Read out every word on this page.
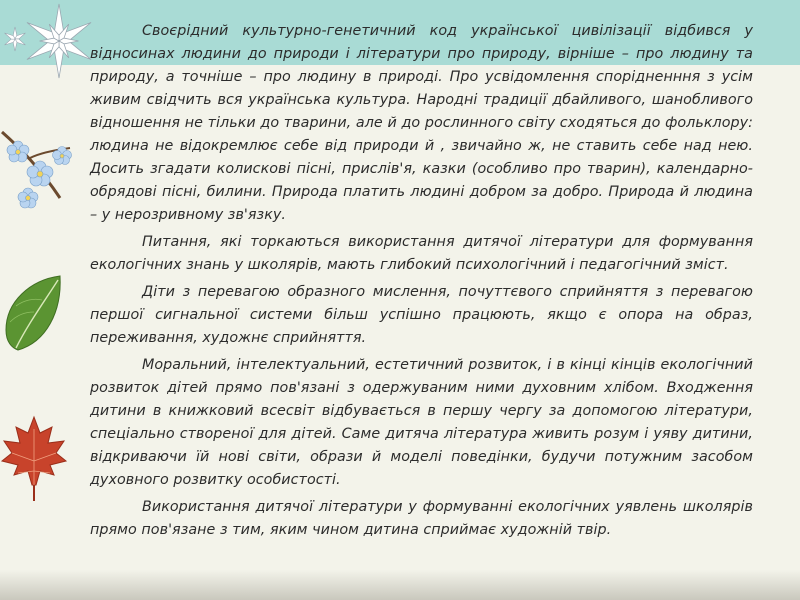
Своєрідний культурно-генетичний код української цивілізації відбився у відносинах людини до природи і літератури про природу, вірніше – про людину та природу, а точніше – про людину в природі. Про усвідомлення спорідненння з усім живим свідчить вся українська культура. Народні традиції дбайливого, шанобливого відношення не тільки до тварини, але й до рослинного світу сходяться до фольклору: людина не відокремлює себе від природи й , звичайно ж, не ставить себе над нею. Досить згадати колискові пісні, прислів'я, казки (особливо про тварин), календарно-обрядові пісні, билини. Природа платить людині добром за добро. Природа й людина – у нерозривному зв'язку.

Питання, які торкаються використання дитячої літератури для формування екологічних знань у школярів, мають глибокий психологічний і педагогічний зміст.

Діти з перевагою образного мислення, почуттєвого сприйняття з перевагою першої сигнальної системи більш успішно працюють, якщо є опора на образ, переживання, художнє сприйняття.

Моральний, інтелектуальний, естетичний розвиток, і в кінці кінців екологічний розвиток дітей прямо пов'язані з одержуваним ними духовним хлібом. Входження дитини в книжковий всесвіт відбувається в першу чергу за допомогою літератури, спеціально створеної для дітей. Саме дитяча література живить розум і уяву дитини, відкриваючи їй нові світи, образи й моделі поведінки, будучи потужним засобом духовного розвитку особистості.

Використання дитячої літератури у формуванні екологічних уявлень школярів прямо пов'язане з тим, яким чином дитина сприймає художній твір.
